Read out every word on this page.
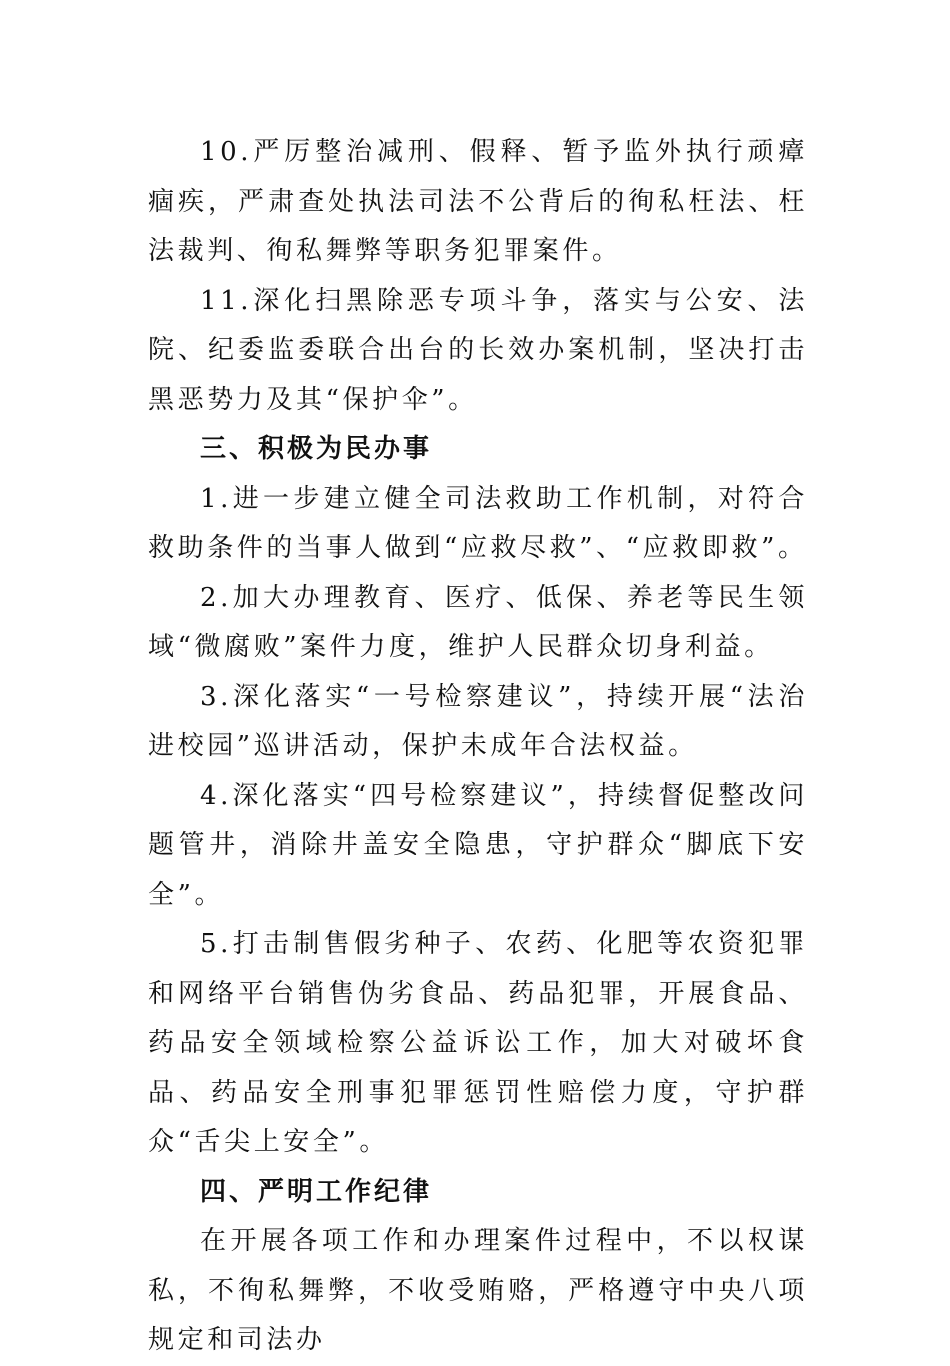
10.严厉整治减刑、假释、暂予监外执行顽瘴痼疾，严肃查处执法司法不公背后的徇私枉法、枉法裁判、徇私舞弊等职务犯罪案件。

11.深化扫黑除恶专项斗争，落实与公安、法院、纪委监委联合出台的长效办案机制，坚决打击黑恶势力及其“保护伞”。

三、积极为民办事

1.进一步建立健全司法救助工作机制，对符合救助条件的当事人做到“应救尽救”、“应救即救”。

2.加大办理教育、医疗、低保、养老等民生领域“微腐败”案件力度，维护人民群众切身利益。

3.深化落实“一号检察建议”，持续开展“法治进校园”巡讲活动，保护未成年合法权益。

4.深化落实“四号检察建议”，持续督促整改问题管井，消除井盖安全隐患，守护群众“脚底下安全”。

5.打击制售假劣种子、农药、化肥等农资犯罪和网络平台销售伪劣食品、药品犯罪，开展食品、药品安全领域检察公益诉讼工作，加大对破坏食品、药品安全刑事犯罪惩罚性赔偿力度，守护群众“舌尖上安全”。

四、严明工作纪律

在开展各项工作和办理案件过程中，不以权谋私，不徇私舞弊，不收受贿赂，严格遵守中央八项规定和司法办
